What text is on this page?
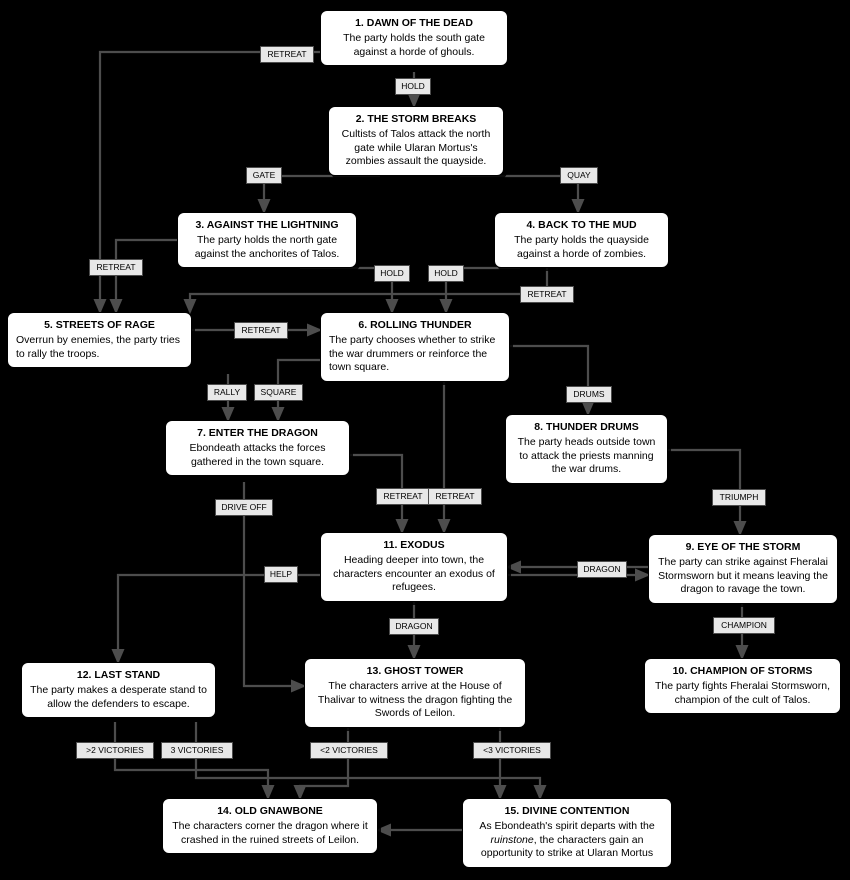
1. DAWN OF THE DEAD
The party holds the south gate against a horde of ghouls.
2. THE STORM BREAKS
Cultists of Talos attack the north gate while Ularan Mortus's zombies assault the quayside.
3. AGAINST THE LIGHTNING
The party holds the north gate against the anchorites of Talos.
4. BACK TO THE MUD
The party holds the quayside against a horde of zombies.
5. STREETS OF RAGE
Overrun by enemies, the party tries to rally the troops.
6. ROLLING THUNDER
The party chooses whether to strike the war drummers or reinforce the town square.
7. ENTER THE DRAGON
Ebondeath attacks the forces gathered in the town square.
8. THUNDER DRUMS
The party heads outside town to attack the priests manning the war drums.
9. EYE OF THE STORM
The party can strike against Fheralai Stormsworn but it means leaving the dragon to ravage the town.
10. CHAMPION OF STORMS
The party fights Fheralai Stormsworn, champion of the cult of Talos.
11. EXODUS
Heading deeper into town, the characters encounter an exodus of refugees.
12. LAST STAND
The party makes a desperate stand to allow the defenders to escape.
13. GHOST TOWER
The characters arrive at the House of Thalivar to witness the dragon fighting the Swords of Leilon.
14. OLD GNAWBONE
The characters corner the dragon where it crashed in the ruined streets of Leilon.
15. DIVINE CONTENTION
As Ebondeath's spirit departs with the ruinstone, the characters gain an opportunity to strike at Ularan Mortus
RETREAT
HOLD
GATE	QUAY
RETREAT
HOLD	HOLD
RETREAT
RETREAT
RALLY	SQUARE	DRUMS
RETREAT	RETREAT	TRIUMPH
DRIVE OFF
HELP	DRAGON
CHAMPION
DRAGON
>2 VICTORIES	3 VICTORIES	<2 VICTORIES	<3 VICTORIES
